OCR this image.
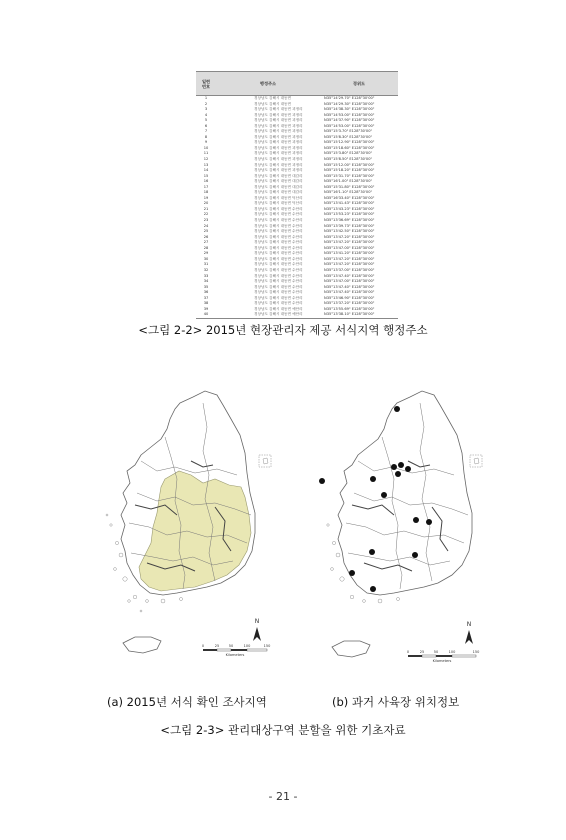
일련
번호	행정주소	경위도
1	경상남도 김해시 대동면	N35°14'29.70" E128°30'00"
2	경상남도 김해시 대동면	N35°14'29.30" E128°30'00"
3	경상남도 김해시 대동면 괴정리	N35°14'38.30" E128°30'00"
4	경상남도 김해시 대동면 괴정리	N35°14'53.00" E128°30'00"
5	경상남도 김해시 대동면 괴정리	N35°14'37.90" E128°30'00"
6	경상남도 김해시 대동면 괴정리	N35°14'53.00" E128°30'00"
7	경상남도 김해시 대동면 괴정리	N35°15'3.70" E128°30'00"
8	경상남도 김해시 대동면 괴정리	N35°15'8.30" E128°30'00"
9	경상남도 김해시 대동면 괴정리	N35°15'12.90" E128°30'00"
10	경상남도 김해시 대동면 괴정리	N35°15'18.60" E128°30'00"
11	경상남도 김해시 대동면 괴정리	N35°15'3.80" E128°30'00"
12	경상남도 김해시 대동면 괴정리	N35°15'8.50" E128°30'00"
13	경상남도 김해시 대동면 괴정리	N35°15'12.00" E128°30'00"
14	경상남도 김해시 대동면 괴정리	N35°15'18.20" E128°30'00"
15	경상남도 김해시 대동면 대감리	N35°15'31.70" E128°30'00"
16	경상남도 김해시 대동면 대감리	N35°16'1.00" E128°30'00"
17	경상남도 김해시 대동면 대감리	N35°15'31.80" E128°30'00"
18	경상남도 김해시 대동면 대감리	N35°16'1.10" E128°30'00"
19	경상남도 김해시 대동면 덕산리	N35°16'33.40" E128°30'00"
20	경상남도 김해시 대동면 덕산리	N35°13'41.43" E128°30'00"
21	경상남도 김해시 대동면 수안리	N35°13'43.23" E128°30'00"
22	경상남도 김해시 대동면 수안리	N35°13'53.23" E128°30'00"
23	경상남도 김해시 대동면 수안리	N35°13'36.69" E128°30'00"
24	경상남도 김해시 대동면 수안리	N35°13'39.73" E128°30'00"
25	경상남도 김해시 대동면 수안리	N35°13'42.50" E128°30'00"
26	경상남도 김해시 대동면 수안리	N35°13'47.20" E128°30'00"
27	경상남도 김해시 대동면 수안리	N35°13'47.20" E128°30'00"
28	경상남도 김해시 대동면 수안리	N35°13'47.00" E128°30'00"
29	경상남도 김해시 대동면 수안리	N35°13'41.20" E128°30'00"
30	경상남도 김해시 대동면 수안리	N35°13'47.20" E128°30'00"
31	경상남도 김해시 대동면 수안리	N35°13'47.20" E128°30'00"
32	경상남도 김해시 대동면 수안리	N35°13'37.00" E128°30'00"
33	경상남도 김해시 대동면 수안리	N35°13'47.40" E128°30'00"
34	경상남도 김해시 대동면 수안리	N35°13'47.00" E128°30'00"
35	경상남도 김해시 대동면 수안리	N35°13'47.40" E128°30'00"
36	경상남도 김해시 대동면 수안리	N35°13'47.40" E128°30'00"
37	경상남도 김해시 대동면 수안리	N35°13'46.90" E128°30'00"
38	경상남도 김해시 대동면 수안리	N35°13'37.20" E128°30'00"
39	경상남도 김해시 대동면 예안리	N35°13'55.69" E128°30'00"
40	경상남도 김해시 대동면 예안리	N35°13'38.10" E128°30'00"
<그림 2-2> 2015년 현장관리자 제공 서식지역 행정주소
N
0	25	50	100	150
Kilometers
N
0	25	50	100	150
Kilometers
(a) 2015년 서식 확인 조사지역	(b) 과거 사육장 위치정보
<그림 2-3> 관리대상구역 분할을 위한 기초자료
- 21 -
